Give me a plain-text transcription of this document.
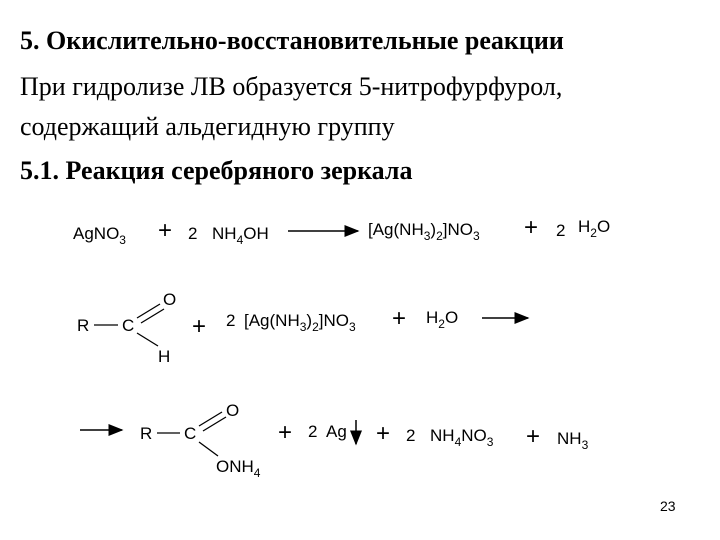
5. Окислительно-восстановительные реакции
При гидролизе ЛВ образуется 5-нитрофурфурол,
содержащий альдегидную группу
5.1. Реакция серебряного зеркала
AgNO$_3$ + 2 $NH_4OH$	$[Ag(NH_3)_2]NO_3 + 2$ $H_2O$
R C
O
H
+ 2 $[Ag(NH_3)_2]NO_3 + H_2O$
R C
O
$ONH_4$
+ 2 Ag + 2 $NH_4NO_3 + NH_3$
23
